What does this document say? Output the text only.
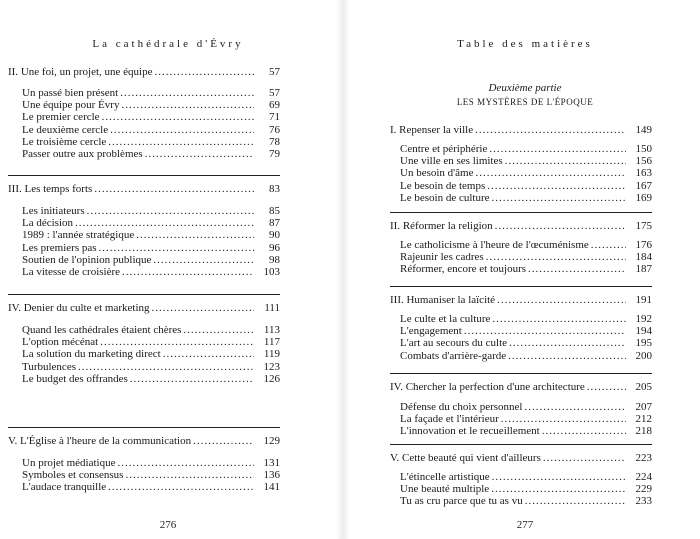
La cathédrale d'Évry
II. Une foi, un projet, une équipe .....	57
Un passé bien présent .....	57
Une équipe pour Évry .....	69
Le premier cercle .....	71
Le deuxième cercle .....	76
Le troisième cercle .....	78
Passer outre aux problèmes .....	79
III. Les temps forts .....	83
Les initiateurs .....	85
La décision .....	87
1989 : l'année stratégique .....	90
Les premiers pas .....	96
Soutien de l'opinion publique .....	98
La vitesse de croisière .....	103
IV. Denier du culte et marketing .....	111
Quand les cathédrales étaient chères .....	113
L'option mécénat .....	117
La solution du marketing direct .....	119
Turbulences .....	123
Le budget des offrandes .....	126
V. L'Église à l'heure de la communication .....	129
Un projet médiatique .....	131
Symboles et consensus .....	136
L'audace tranquille .....	141
276
Table des matières
Deuxième partie
LES MYSTÈRES DE L'ÉPOQUE
I. Repenser la ville .....	149
Centre et périphérie .....	150
Une ville en ses limites .....	156
Un besoin d'âme .....	163
Le besoin de temps .....	167
Le besoin de culture .....	169
II. Réformer la religion .....	175
Le catholicisme à l'heure de l'œcuménisme .....	176
Rajeunir les cadres .....	184
Réformer, encore et toujours .....	187
III. Humaniser la laïcité .....	191
Le culte et la culture .....	192
L'engagement .....	194
L'art au secours du culte .....	195
Combats d'arrière-garde .....	200
IV. Chercher la perfection d'une architecture .....	205
Défense du choix personnel .....	207
La façade et l'intérieur .....	212
L'innovation et le recueillement .....	218
V. Cette beauté qui vient d'ailleurs .....	223
L'étincelle artistique .....	224
Une beauté multiple .....	229
Tu as cru parce que tu as vu .....	233
277
